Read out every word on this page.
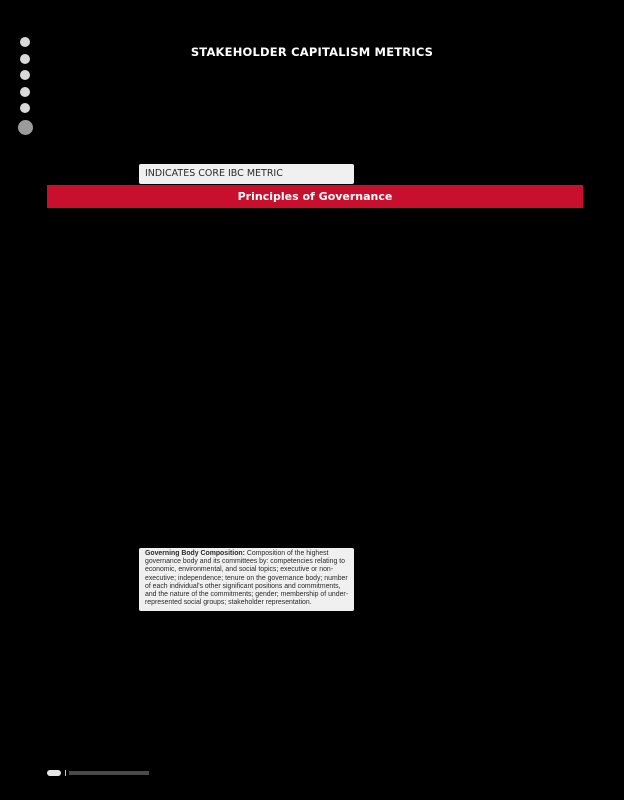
STAKEHOLDER CAPITALISM METRICS
INDICATES CORE IBC METRIC
Principles of Governance
Governing Body Composition: Composition of the highest governance body and its committees by: competencies relating to economic, environmental, and social topics; executive or non-executive; independence; tenure on the governance body; number of each individual's other significant positions and commitments, and the nature of the commitments; gender; membership of under- represented social groups; stakeholder representation.
